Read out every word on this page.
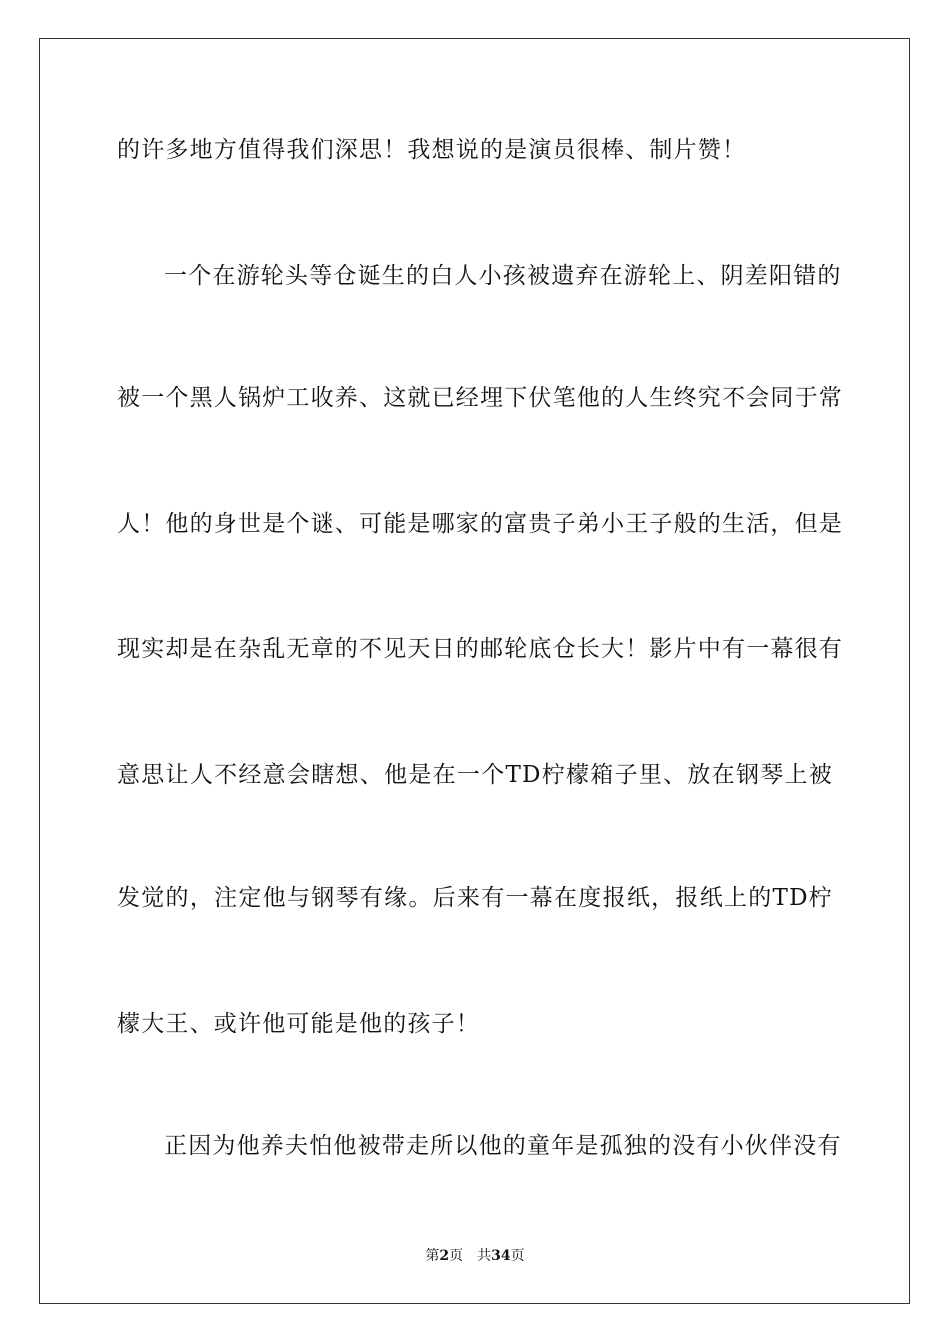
的许多地方值得我们深思！我想说的是演员很棒、制片赞！
一个在游轮头等仓诞生的白人小孩被遗弃在游轮上、阴差阳错的
被一个黑人锅炉工收养、这就已经埋下伏笔他的人生终究不会同于常
人！他的身世是个谜、可能是哪家的富贵子弟小王子般的生活，但是
现实却是在杂乱无章的不见天日的邮轮底仓长大！影片中有一幕很有
意思让人不经意会瞎想、他是在一个TD柠檬箱子里、放在钢琴上被
发觉的，注定他与钢琴有缘。后来有一幕在度报纸，报纸上的TD柠
檬大王、或许他可能是他的孩子！
正因为他养夫怕他被带走所以他的童年是孤独的没有小伙伴没有
第2页 共34页
